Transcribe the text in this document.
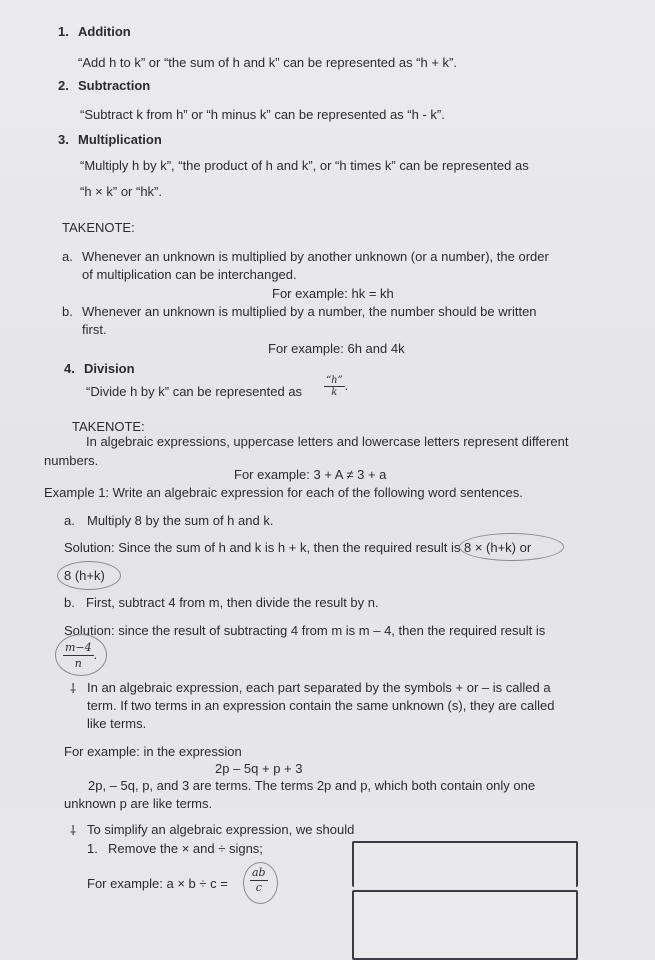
1. Addition
“Add h to k” or “the sum of h and k” can be represented as “h + k”.
2. Subtraction
“Subtract k from h” or “h minus k” can be represented as “h - k”.
3. Multiplication
“Multiply h by k”, “the product of h and k”, or “h times k” can be represented as
“h × k” or “hk”.
TAKENOTE:
a. Whenever an unknown is multiplied by another unknown (or a number), the order
of multiplication can be interchanged.
For example: hk = kh
b. Whenever an unknown is multiplied by a number, the number should be written
first.
For example: 6h and 4k
4. Division
“Divide h by k” can be represented as $\frac{“h”}{k}$ .
TAKENOTE:
In algebraic expressions, uppercase letters and lowercase letters represent different
numbers.
For example: 3 + A ≠ 3 + a
Example 1: Write an algebraic expression for each of the following word sentences.
a. Multiply 8 by the sum of h and k.
Solution: Since the sum of h and k is h + k, then the required result is 8 × (h+k) or
8 (h+k)
b. First, subtract 4 from m, then divide the result by n.
Solution: since the result of subtracting 4 from m is m – 4, then the required result is
$\frac{m-4}{n}$ .
⸸ In an algebraic expression, each part separated by the symbols + or – is called a
term. If two terms in an expression contain the same unknown (s), they are called
like terms.
For example: in the expression
2p – 5q + p + 3
2p, – 5q, p, and 3 are terms. The terms 2p and p, which both contain only one
unknown p are like terms.
⸸ To simplify an algebraic expression, we should
1. Remove the × and ÷ signs;
For example: $a \times b \div c = \frac{ab}{c}$
